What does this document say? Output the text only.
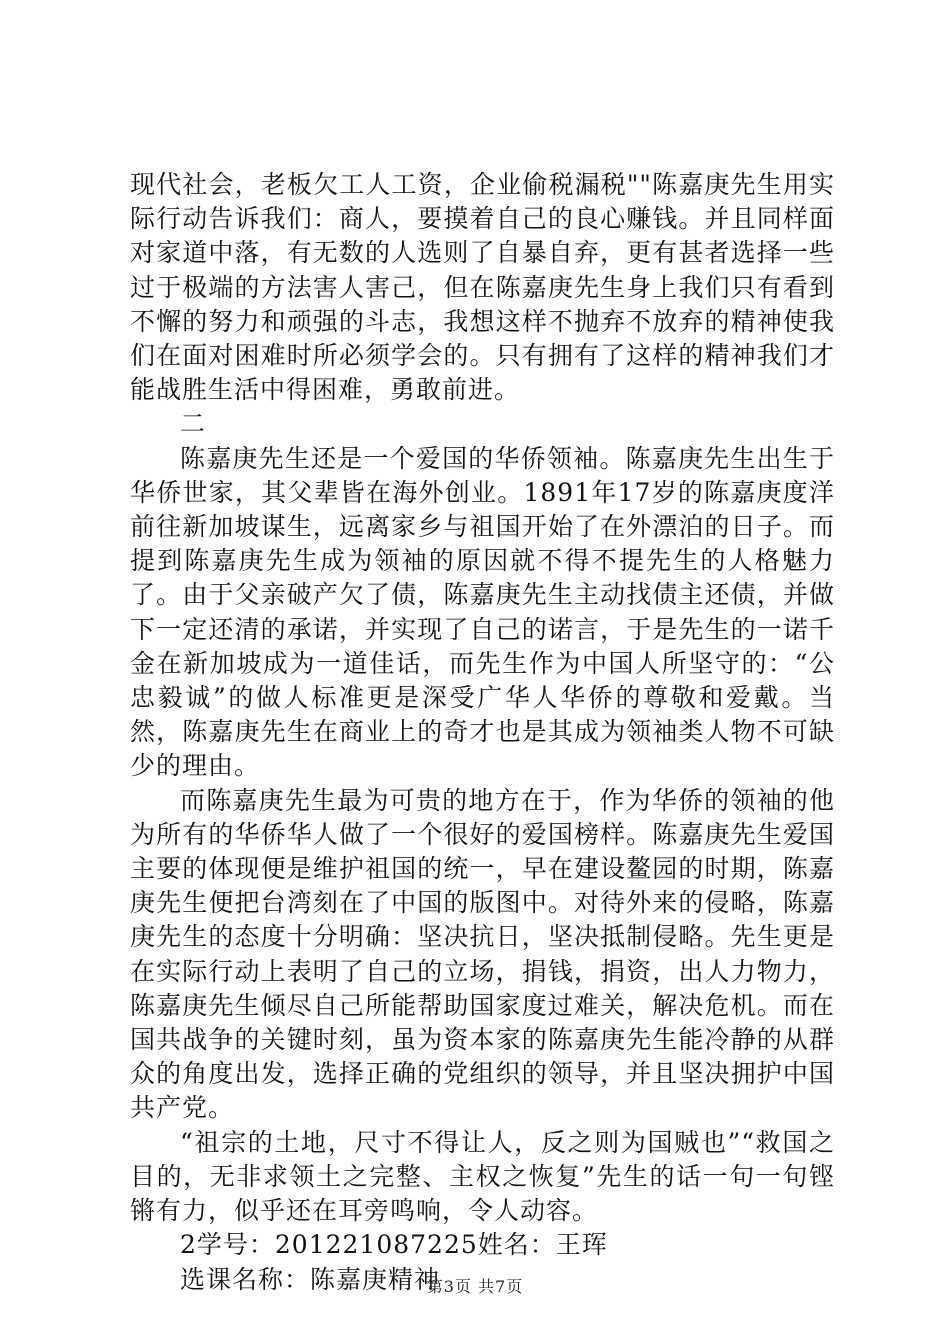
现代社会，老板欠工人工资，企业偷税漏税""陈嘉庚先生用实际行动告诉我们：商人，要摸着自己的良心赚钱。并且同样面对家道中落，有无数的人选则了自暴自弃，更有甚者选择一些过于极端的方法害人害己，但在陈嘉庚先生身上我们只有看到不懈的努力和顽强的斗志，我想这样不抛弃不放弃的精神使我们在面对困难时所必须学会的。只有拥有了这样的精神我们才能战胜生活中得困难，勇敢前进。

二

陈嘉庚先生还是一个爱国的华侨领袖。陈嘉庚先生出生于华侨世家，其父辈皆在海外创业。1891年17岁的陈嘉庚度洋前往新加坡谋生，远离家乡与祖国开始了在外漂泊的日子。而提到陈嘉庚先生成为领袖的原因就不得不提先生的人格魅力了。由于父亲破产欠了债，陈嘉庚先生主动找债主还债，并做下一定还清的承诺，并实现了自己的诺言，于是先生的一诺千金在新加坡成为一道佳话，而先生作为中国人所坚守的：“公忠毅诚”的做人标准更是深受广华人华侨的尊敬和爱戴。当然，陈嘉庚先生在商业上的奇才也是其成为领袖类人物不可缺少的理由。

而陈嘉庚先生最为可贵的地方在于，作为华侨的领袖的他为所有的华侨华人做了一个很好的爱国榜样。陈嘉庚先生爱国主要的体现便是维护祖国的统一，早在建设鳌园的时期，陈嘉庚先生便把台湾刻在了中国的版图中。对待外来的侵略，陈嘉庚先生的态度十分明确：坚决抗日，坚决抵制侵略。先生更是在实际行动上表明了自己的立场，捐钱，捐资，出人力物力，陈嘉庚先生倾尽自己所能帮助国家度过难关，解决危机。而在国共战争的关键时刻，虽为资本家的陈嘉庚先生能冷静的从群众的角度出发，选择正确的党组织的领导，并且坚决拥护中国共产党。

“祖宗的土地，尺寸不得让人，反之则为国贼也”“救国之目的，无非求领土之完整、主权之恢复”先生的话一句一句铿锵有力，似乎还在耳旁鸣响，令人动容。

2学号：201221087225姓名：王珲

选课名称：陈嘉庚精神

第3页 共7页
